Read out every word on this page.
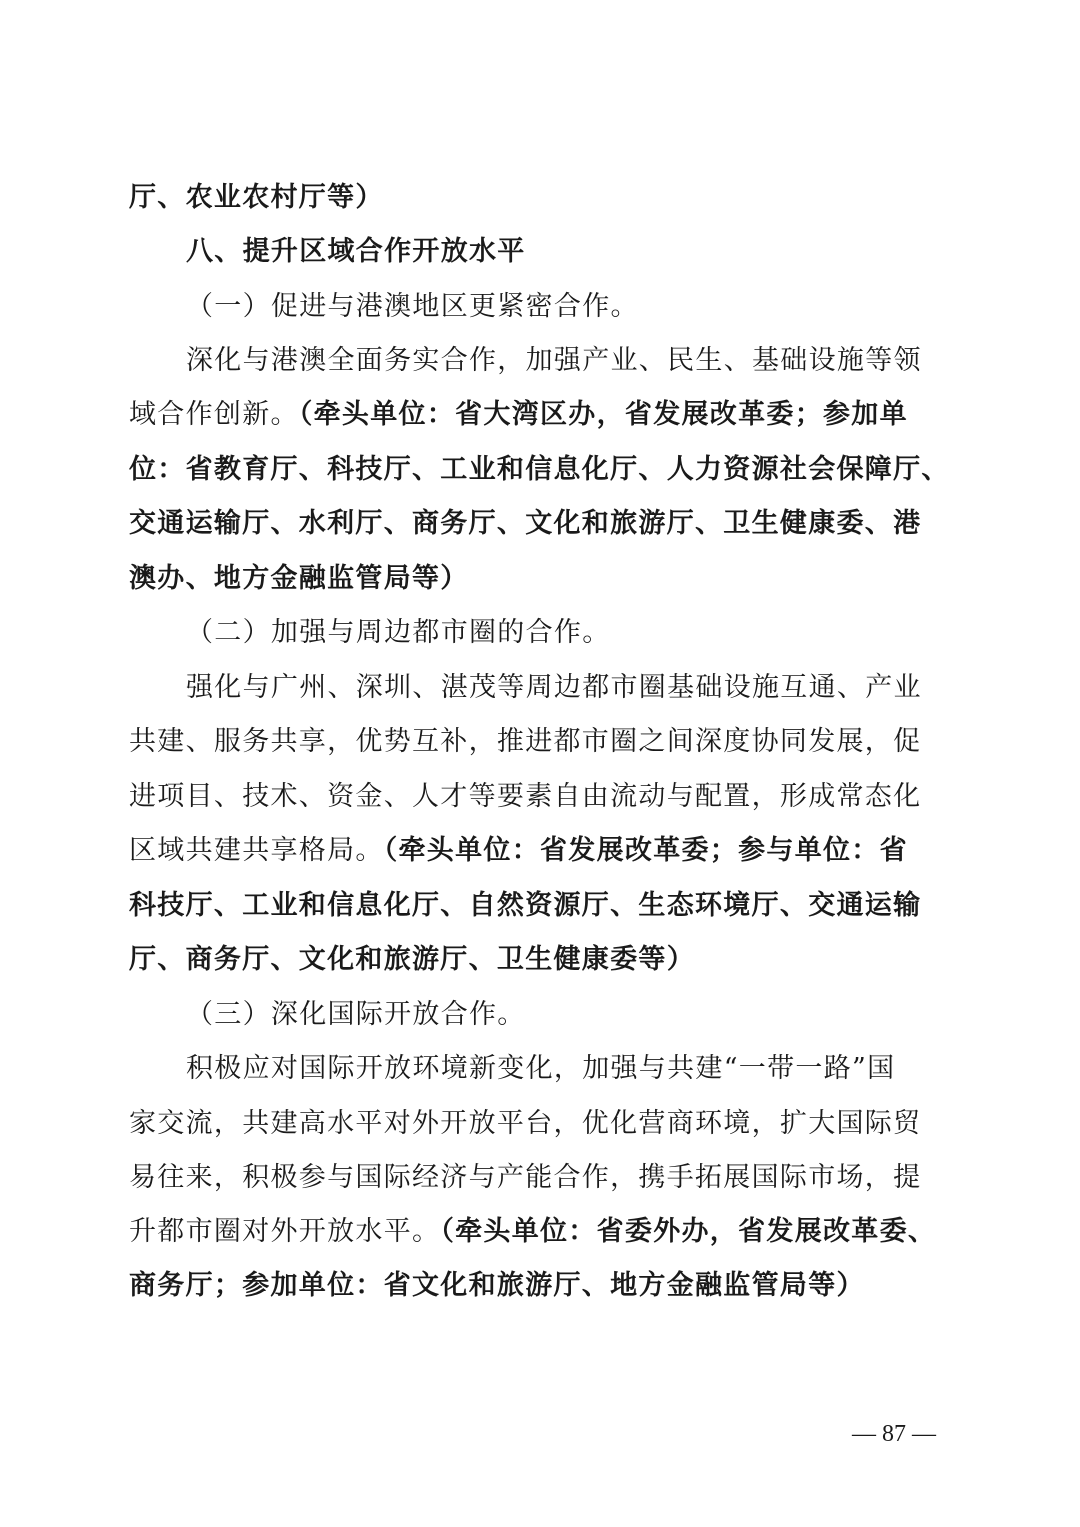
厅、农业农村厅等）
八、提升区域合作开放水平
（一）促进与港澳地区更紧密合作。
深化与港澳全面务实合作，加强产业、民生、基础设施等领
域合作创新。（牵头单位：省大湾区办，省发展改革委；参加单
位：省教育厅、科技厅、工业和信息化厅、人力资源社会保障厅、
交通运输厅、水利厅、商务厅、文化和旅游厅、卫生健康委、港
澳办、地方金融监管局等）
（二）加强与周边都市圈的合作。
强化与广州、深圳、湛茂等周边都市圈基础设施互通、产业
共建、服务共享，优势互补，推进都市圈之间深度协同发展，促
进项目、技术、资金、人才等要素自由流动与配置，形成常态化
区域共建共享格局。（牵头单位：省发展改革委；参与单位：省
科技厅、工业和信息化厅、自然资源厅、生态环境厅、交通运输
厅、商务厅、文化和旅游厅、卫生健康委等）
（三）深化国际开放合作。
积极应对国际开放环境新变化，加强与共建“一带一路”国
家交流，共建高水平对外开放平台，优化营商环境，扩大国际贸
易往来，积极参与国际经济与产能合作，携手拓展国际市场，提
升都市圈对外开放水平。（牵头单位：省委外办，省发展改革委、
商务厅；参加单位：省文化和旅游厅、地方金融监管局等）
— 87 —
